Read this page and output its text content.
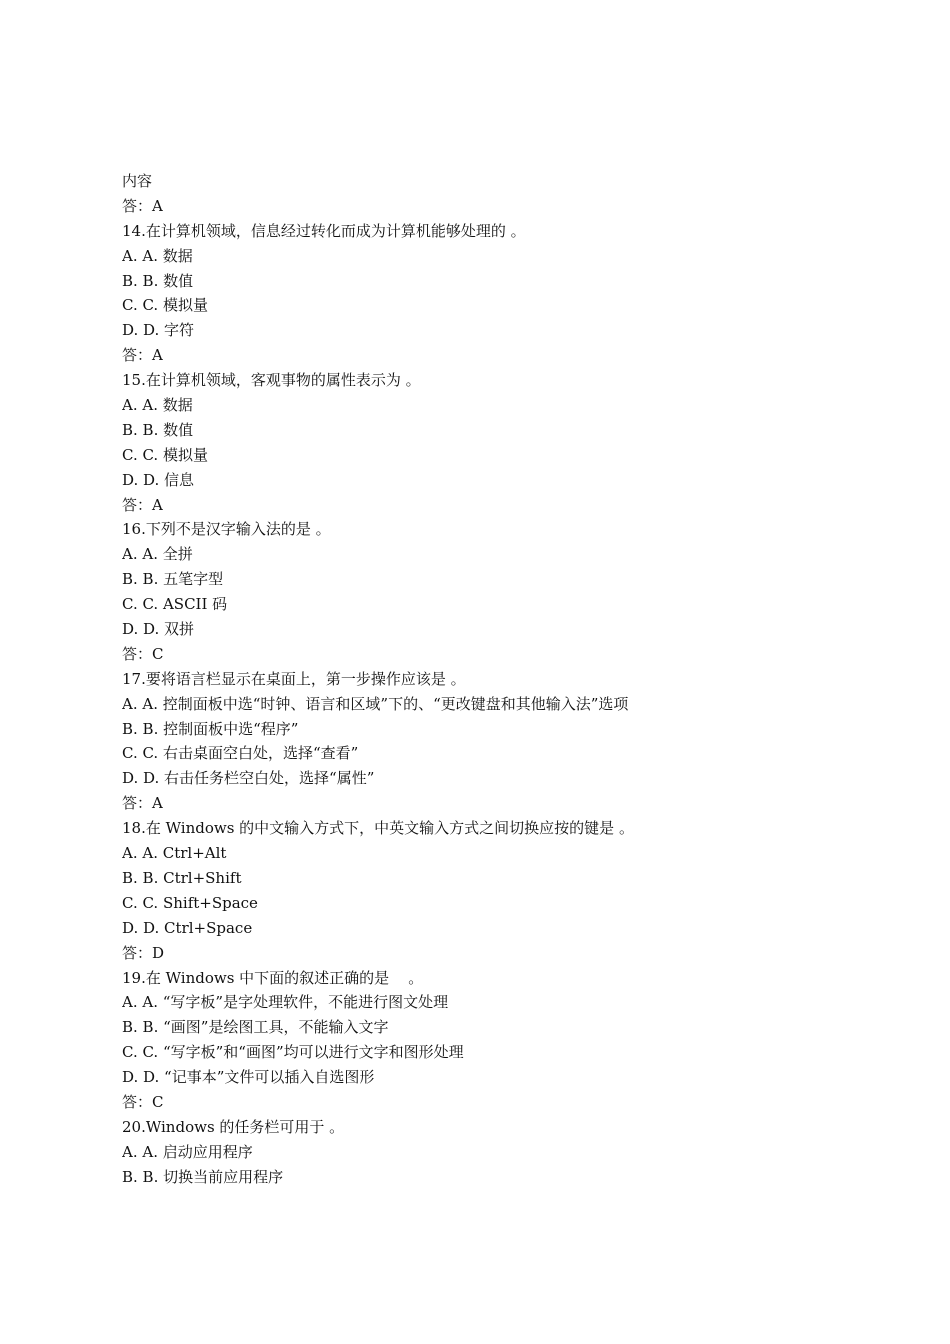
内容
答：A
14.在计算机领域，信息经过转化而成为计算机能够处理的 。
A. A. 数据
B. B. 数值
C. C. 模拟量
D. D. 字符
答：A
15.在计算机领域，客观事物的属性表示为 。
A. A. 数据
B. B. 数值
C. C. 模拟量
D. D. 信息
答：A
16.下列不是汉字输入法的是 。
A. A. 全拼
B. B. 五笔字型
C. C. ASCII 码
D. D. 双拼
答：C
17.要将语言栏显示在桌面上，第一步操作应该是 。
A. A. 控制面板中选“时钟、语言和区域”下的、“更改键盘和其他输入法”选项
B. B. 控制面板中选“程序”
C. C. 右击桌面空白处，选择“查看”
D. D. 右击任务栏空白处，选择“属性”
答：A
18.在 Windows 的中文输入方式下，中英文输入方式之间切换应按的键是 。
A. A. Ctrl+Alt
B. B. Ctrl+Shift
C. C. Shift+Space
D. D. Ctrl+Space
答：D
19.在 Windows 中下面的叙述正确的是    。
A. A. “写字板”是字处理软件，不能进行图文处理
B. B. “画图”是绘图工具，不能输入文字
C. C. “写字板”和“画图”均可以进行文字和图形处理
D. D. “记事本”文件可以插入自选图形
答：C
20.Windows 的任务栏可用于 。
A. A. 启动应用程序
B. B. 切换当前应用程序
